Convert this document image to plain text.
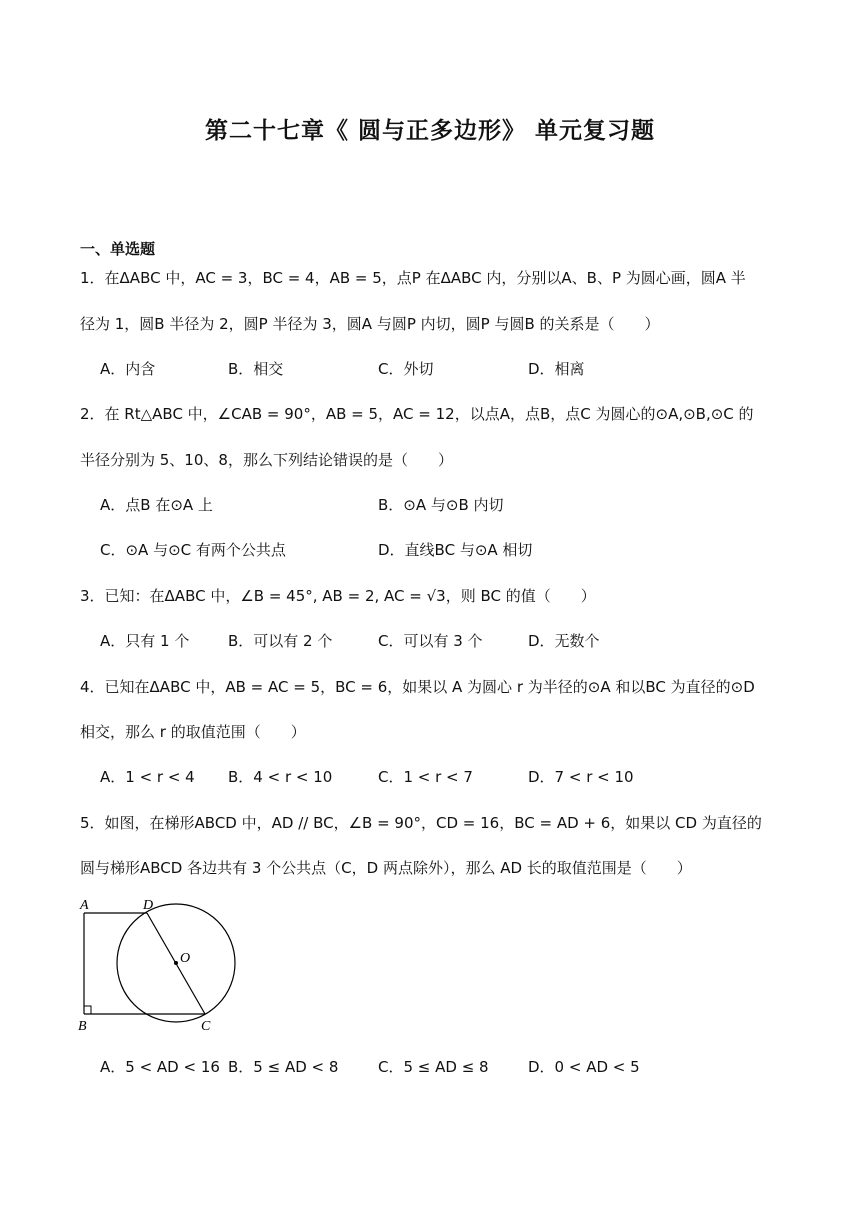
第二十七章《 圆与正多边形》 单元复习题
一、单选题
1．在ΔABC 中，AC = 3，BC = 4，AB = 5，点P 在ΔABC 内，分别以A、B、P 为圆心画，圆A 半
径为 1，圆B 半径为 2，圆P 半径为 3，圆A 与圆P 内切，圆P 与圆B 的关系是（　　）
A．内含	B．相交	C．外切	D．相离
2．在 Rt△ABC 中，∠CAB = 90°，AB = 5，AC = 12，以点A，点B，点C 为圆心的⊙A,⊙B,⊙C 的
半径分别为 5、10、8，那么下列结论错误的是（　　）
A．点B 在⊙A 上	B．⊙A 与⊙B 内切
C．⊙A 与⊙C 有两个公共点	D．直线BC 与⊙A 相切
3．已知：在ΔABC 中，∠B = 45°, AB = 2, AC = √3，则 BC 的值（　　）
A．只有 1 个	B．可以有 2 个	C．可以有 3 个	D．无数个
4．已知在ΔABC 中，AB = AC = 5，BC = 6，如果以 A 为圆心 r 为半径的⊙A 和以BC 为直径的⊙D
相交，那么 r 的取值范围（　　）
A．1 < r < 4 B．4 < r < 10	C．1 < r < 7	D．7 < r < 10
5．如图，在梯形ABCD 中，AD // BC，∠B = 90°，CD = 16，BC = AD + 6，如果以 CD 为直径的
圆与梯形ABCD 各边共有 3 个公共点（C，D 两点除外），那么 AD 长的取值范围是（　　）
A	D
O
B	C
A．5 < AD < 16 B．5 ≤ AD < 8	C．5 ≤ AD ≤ 8	D．0 < AD < 5
